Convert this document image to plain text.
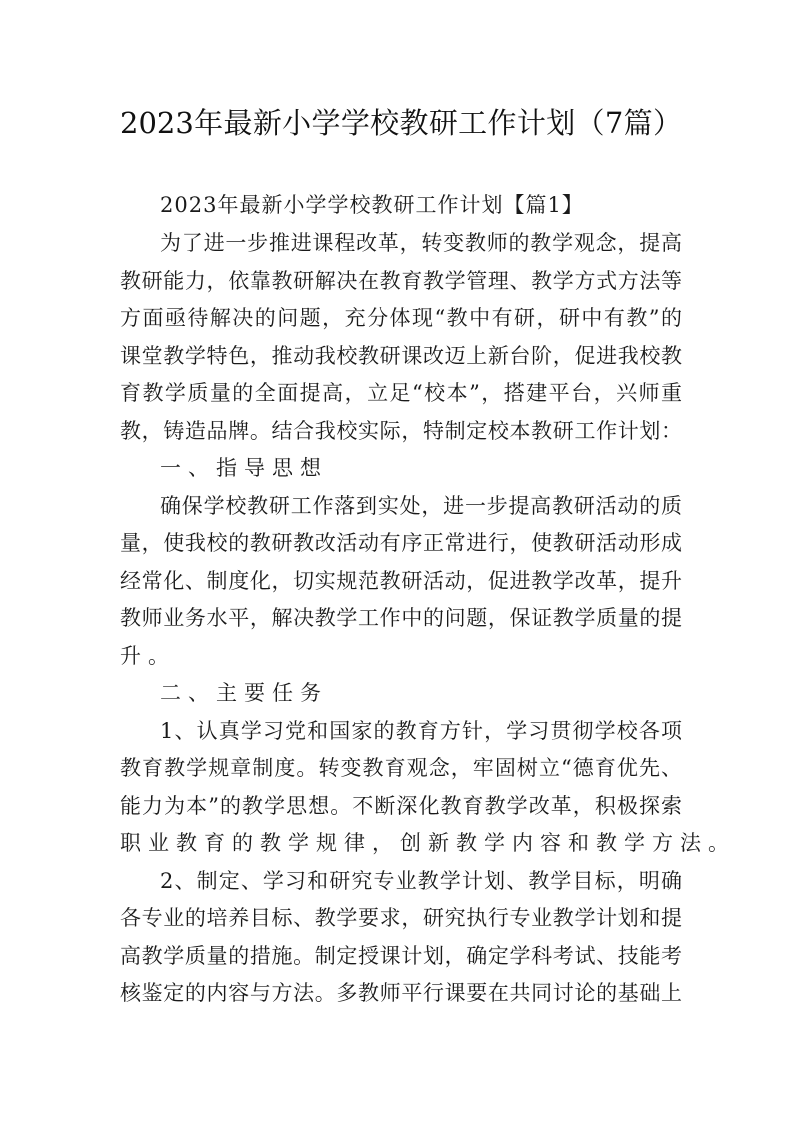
2023年最新小学学校教研工作计划（7篇）
2023年最新小学学校教研工作计划【篇1】
为了进一步推进课程改革，转变教师的教学观念，提高
教研能力，依靠教研解决在教育教学管理、教学方式方法等
方面亟待解决的问题，充分体现“教中有研，研中有教”的
课堂教学特色，推动我校教研课改迈上新台阶，促进我校教
育教学质量的全面提高，立足“校本”，搭建平台，兴师重
教，铸造品牌。结合我校实际，特制定校本教研工作计划：
一、指导思想
确保学校教研工作落到实处，进一步提高教研活动的质
量，使我校的教研教改活动有序正常进行，使教研活动形成
经常化、制度化，切实规范教研活动，促进教学改革，提升
教师业务水平，解决教学工作中的问题，保证教学质量的提
升。
二、主要任务
1、认真学习党和国家的教育方针，学习贯彻学校各项
教育教学规章制度。转变教育观念，牢固树立“德育优先、
能力为本”的教学思想。不断深化教育教学改革，积极探索
职业教育的教学规律，创新教学内容和教学方法。
2、制定、学习和研究专业教学计划、教学目标，明确
各专业的培养目标、教学要求，研究执行专业教学计划和提
高教学质量的措施。制定授课计划，确定学科考试、技能考
核鉴定的内容与方法。多教师平行课要在共同讨论的基础上
